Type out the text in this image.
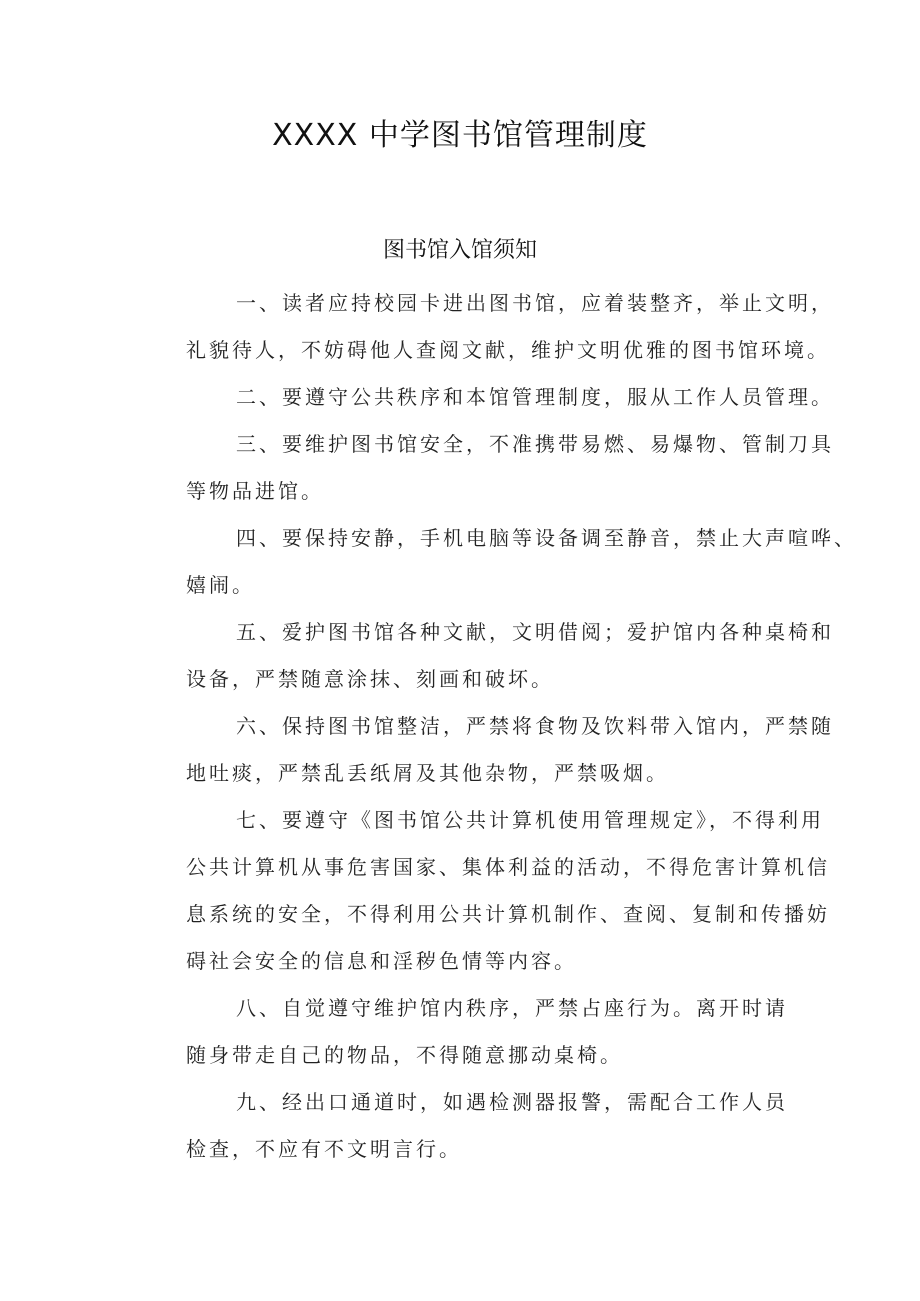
XXXX 中学图书馆管理制度
图书馆入馆须知
一、读者应持校园卡进出图书馆，应着装整齐，举止文明，
礼貌待人，不妨碍他人查阅文献，维护文明优雅的图书馆环境。
二、要遵守公共秩序和本馆管理制度，服从工作人员管理。
三、要维护图书馆安全，不准携带易燃、易爆物、管制刀具
等物品进馆。
四、要保持安静，手机电脑等设备调至静音，禁止大声喧哗、
嬉闹。
五、爱护图书馆各种文献，文明借阅；爱护馆内各种桌椅和
设备，严禁随意涂抹、刻画和破坏。
六、保持图书馆整洁，严禁将食物及饮料带入馆内，严禁随
地吐痰，严禁乱丢纸屑及其他杂物，严禁吸烟。
七、要遵守《图书馆公共计算机使用管理规定》，不得利用
公共计算机从事危害国家、集体利益的活动，不得危害计算机信
息系统的安全，不得利用公共计算机制作、查阅、复制和传播妨
碍社会安全的信息和淫秽色情等内容。
八、自觉遵守维护馆内秩序，严禁占座行为。离开时请
随身带走自己的物品，不得随意挪动桌椅。
九、经出口通道时，如遇检测器报警，需配合工作人员
检查，不应有不文明言行。
